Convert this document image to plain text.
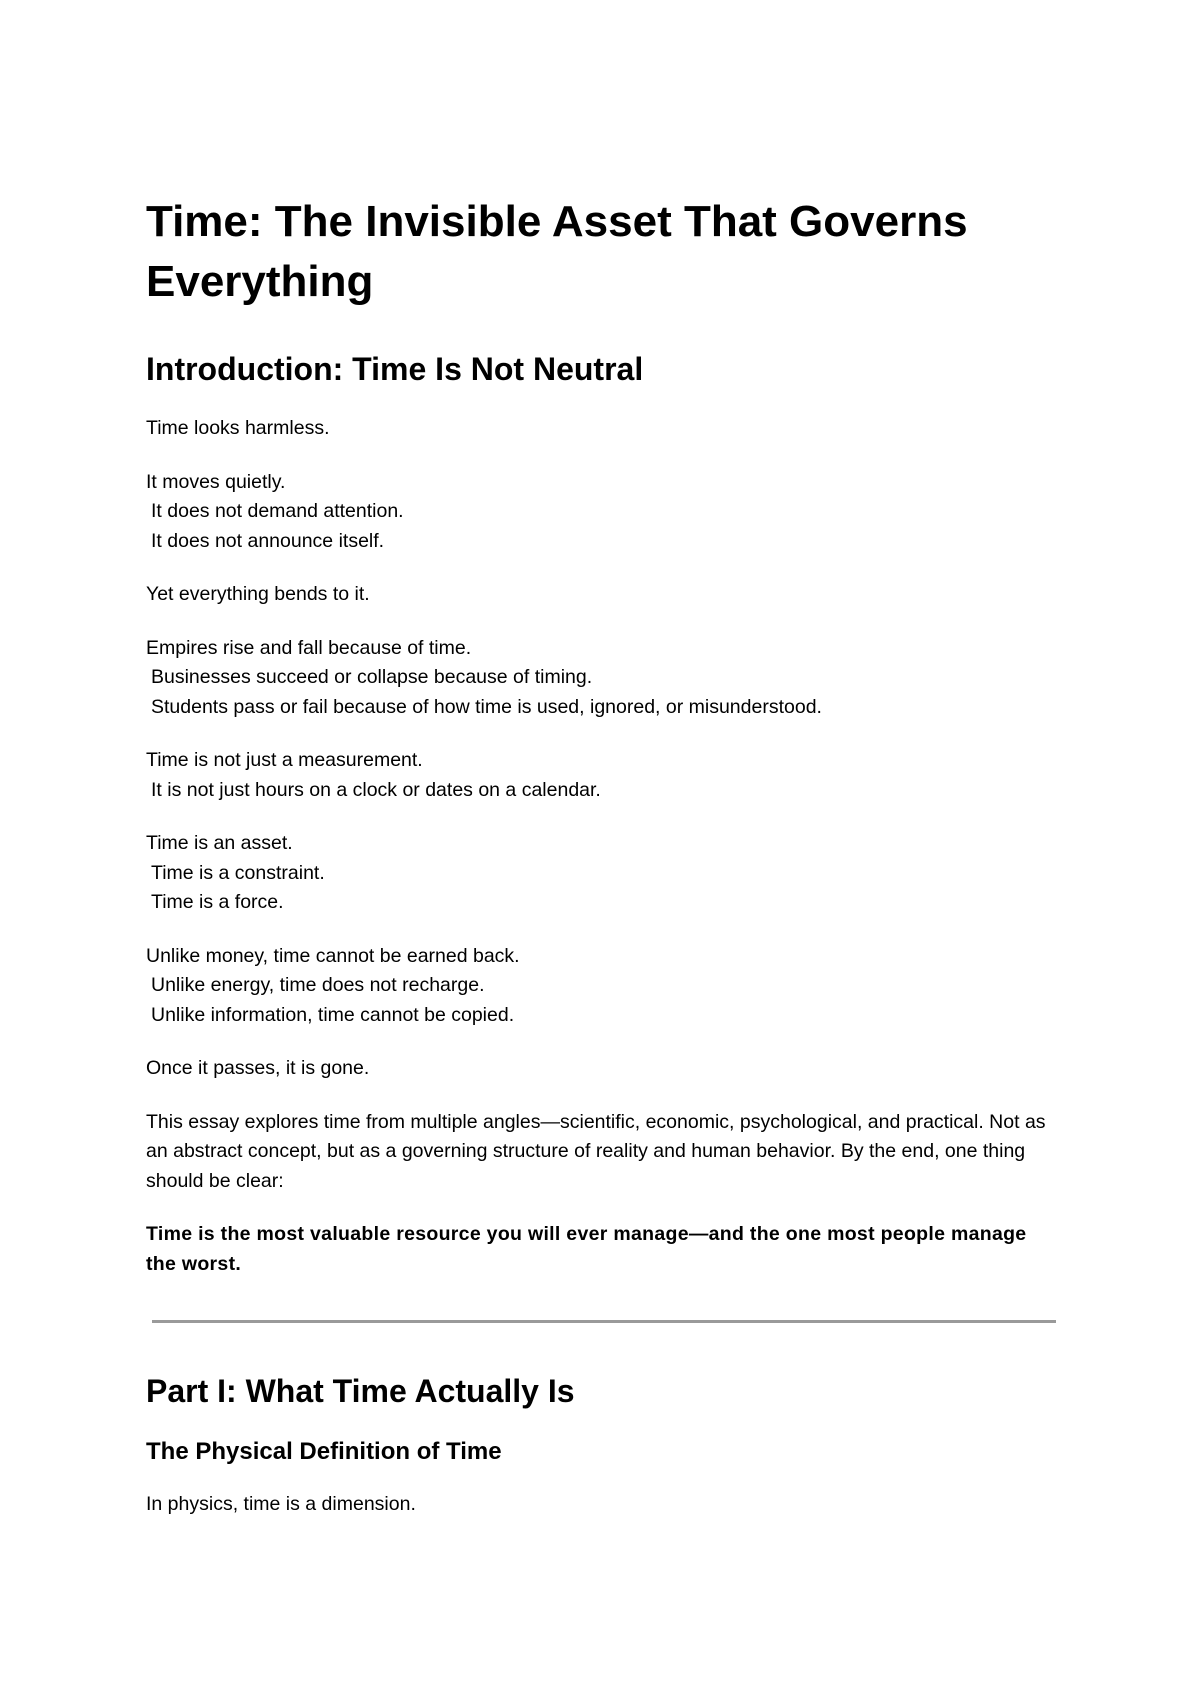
Time: The Invisible Asset That Governs Everything
Introduction: Time Is Not Neutral

Time looks harmless.

It moves quietly.
It does not demand attention.
It does not announce itself.

Yet everything bends to it.

Empires rise and fall because of time.
Businesses succeed or collapse because of timing.
Students pass or fail because of how time is used, ignored, or misunderstood.

Time is not just a measurement.
It is not just hours on a clock or dates on a calendar.

Time is an asset.
Time is a constraint.
Time is a force.

Unlike money, time cannot be earned back.
Unlike energy, time does not recharge.
Unlike information, time cannot be copied.

Once it passes, it is gone.

This essay explores time from multiple angles—scientific, economic, psychological, and practical. Not as an abstract concept, but as a governing structure of reality and human behavior. By the end, one thing should be clear:

Time is the most valuable resource you will ever manage—and the one most people manage the worst.

Part I: What Time Actually Is
The Physical Definition of Time

In physics, time is a dimension.
